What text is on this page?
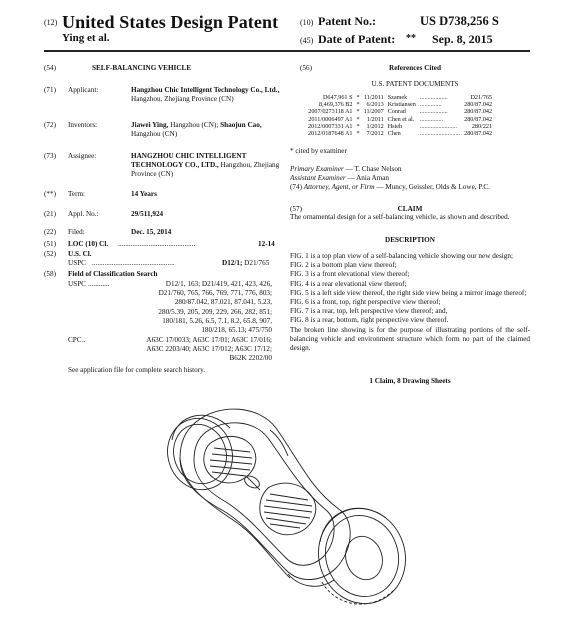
(12) United States Design Patent
Ying et al.
(10) Patent No.:	US D738,256 S
(45) Date of Patent: ** Sep. 8, 2015
(54)	SELF-BALANCING VEHICLE
(71) Applicant:	Hangzhou Chic Intelligent Technology Co., Ltd., Hangzhou, Zhejiang Province (CN)
(72) Inventors:	Jiawei Ying, Hangzhou (CN); Shaojun Cao, Hangzhou (CN)
(73) Assignee:	HANGZHOU CHIC INTELLIGENT TECHNOLOGY CO., LTD., Hangzhou, Zhejiang Province (CN)
(**) Term:	14 Years
(21) Appl. No.:	29/511,924
(22) Filed:	Dec. 15, 2014
(51) LOC (10) Cl. ...........................................	12-14
(52) U.S. Cl.
USPC ..............................................	D12/1; D21/765
(58) Field of Classification Search
USPC ............	D12/1, 163; D21/419, 421, 423, 426,
D21/760, 765, 766, 769, 771, 776, 803;
280/87.042, 87.021, 87.041, 5.23,
280/5.39, 205, 209, 229, 266, 282, 851;
180/181, 5.26, 6.5, 7.1, 8.2, 65.8, 907,
180/218, 65.13; 475/750
CPC ..	A63C 17/0033; A63C 17/01; A63C 17/016;
A63C 2203/40; A63C 17/012; A63C 17/12;
B62K 2202/00
See application file for complete search history.
(56)	References Cited
U.S. PATENT DOCUMENTS
D647,961 S	*	11/2011	Szamek	..................	D21/765
8,469,376 B2	*	6/2013	Kristiansen	..............	280/87.042
2007/0273118 A1	*	11/2007	Conrad	..................	280/87.042
2011/0006497 A1	*	1/2011	Chen et al.	...............	280/87.042
2012/0007331 A1	*	1/2012	Hsieh	........................	280/221
2012/0187648 A1	*	7/2012	Chen	..........................	280/87.042
* cited by examiner
Primary Examiner — T. Chase Nelson
Assistant Examiner — Ania Aman
(74) Attorney, Agent, or Firm — Muncy, Geissler, Olds & Lowe, P.C.
(57)	CLAIM
The ornamental design for a self-balancing vehicle, as shown and described.
DESCRIPTION
FIG. 1 is a top plan view of a self-balancing vehicle showing our new design;
FIG. 2 is a bottom plan view thereof;
FIG. 3 is a front elevational view thereof;
FIG. 4 is a rear elevational view thereof;
FIG. 5 is a left side view thereof, the right side view being a mirror image thereof;
FIG. 6 is a front, top, right perspective view thereof;
FIG. 7 is a rear, top, left perspective view thereof; and,
FIG. 8 is a rear, bottom, right perspective view thereof.
The broken line showing is for the purpose of illustrating portions of the self-balancing vehicle and environment structure which form no part of the claimed design.
1 Claim, 8 Drawing Sheets
